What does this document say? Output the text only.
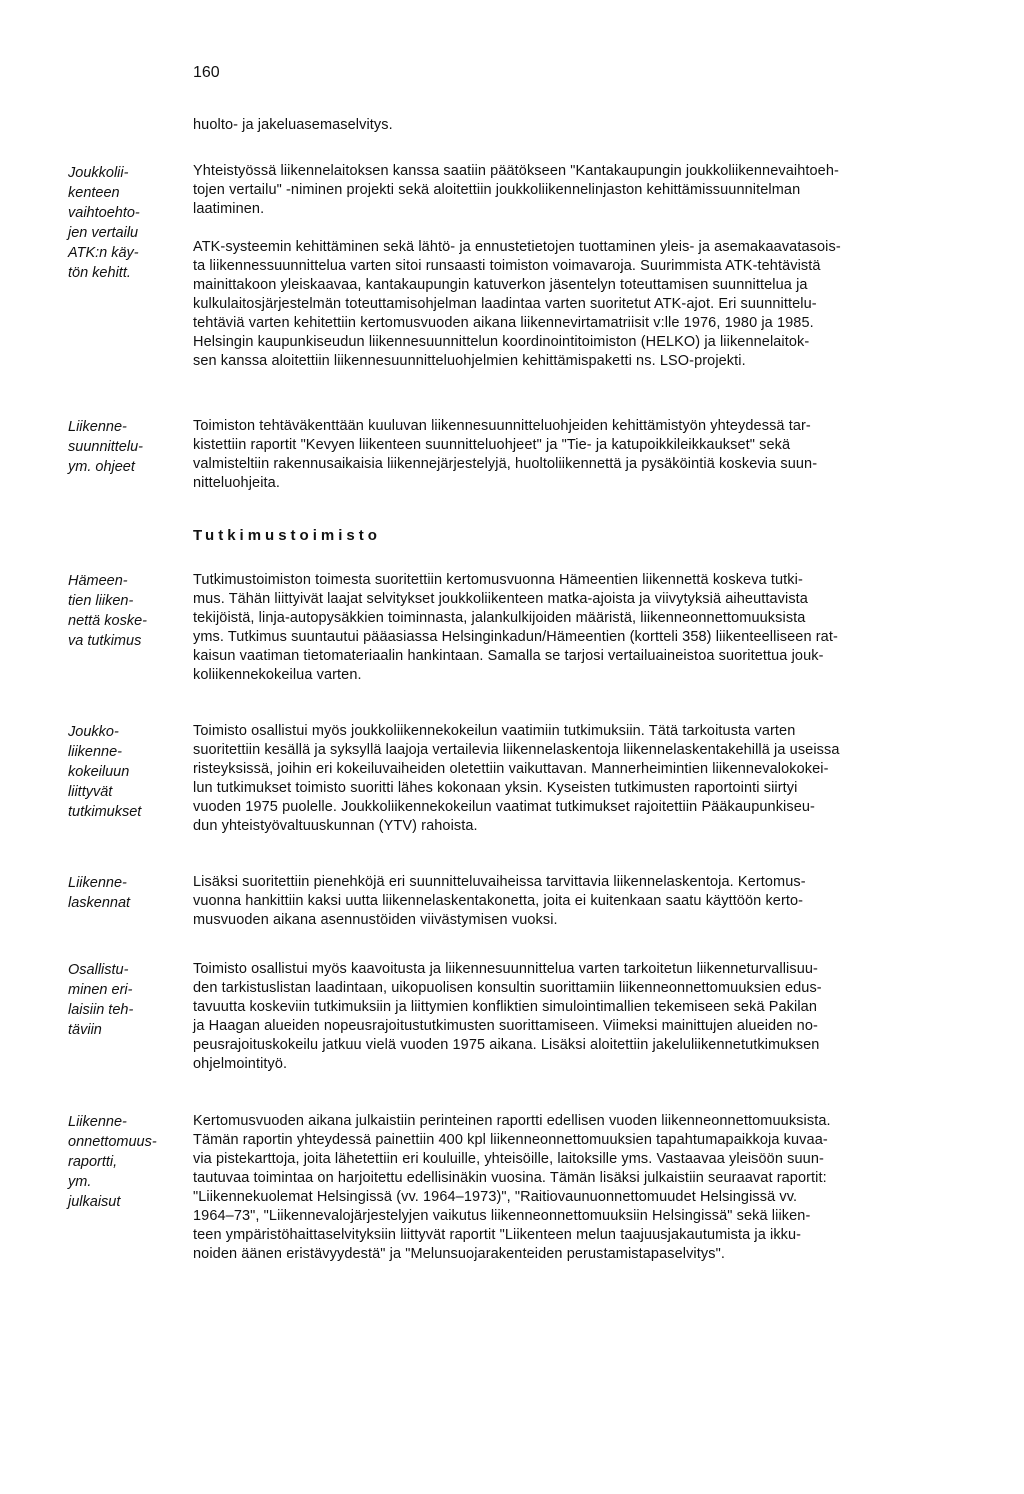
160
huolto- ja jakeluasemaselvitys.
Joukkolii-
kenteen
vaihtoehto-
jen vertailu
ATK:n käy-
tön kehitt.
Yhteistyössä liikennelaitoksen kanssa saatiin päätökseen "Kantakaupungin joukkoliikennevaihtoeh-
tojen vertailu" -niminen projekti sekä aloitettiin joukkoliikennelinjaston kehittämissuunnitelman
laatiminen.
ATK-systeemin kehittäminen sekä lähtö- ja ennustetietojen tuottaminen yleis- ja asemakaavatasois-
ta liikennessuunnittelua varten sitoi runsaasti toimiston voimavaroja. Suurimmista ATK-tehtävistä
mainittakoon yleiskaavaa, kantakaupungin katuverkon jäsentelyn toteuttamisen suunnittelua ja
kulkulaitosjärjestelmän toteuttamisohjelman laadintaa varten suoritetut ATK-ajot. Eri suunnittelu-
tehtäviä varten kehitettiin kertomusvuoden aikana liikennevirtamatriisit v:lle 1976, 1980 ja 1985.
Helsingin kaupunkiseudun liikennesuunnittelun koordinointitoimiston (HELKO) ja liikennelaitok-
sen kanssa aloitettiin liikennesuunnitteluohjelmien kehittämispaketti ns. LSO-projekti.
Liikenne-
suunnittelu-
ym. ohjeet
Toimiston tehtäväkenttään kuuluvan liikennesuunnitteluohjeiden kehittämistyön yhteydessä tar-
kistettiin raportit "Kevyen liikenteen suunnitteluohjeet" ja "Tie- ja katupoikkileikkaukset" sekä
valmisteltiin rakennusaikaisia liikennejärjestelyjä, huoltoliikennettä ja pysäköintiä koskevia suun-
nitteluohjeita.
Tutkimustoimisto
Hämeen-
tien liiken-
nettä koske-
va tutkimus
Tutkimustoimiston toimesta suoritettiin kertomusvuonna Hämeentien liikennettä koskeva tutki-
mus. Tähän liittyivät laajat selvitykset joukkoliikenteen matka-ajoista ja viivytyksiä aiheuttavista
tekijöistä, linja-autopysäkkien toiminnasta, jalankulkijoiden määristä, liikenneonnettomuuksista
yms. Tutkimus suuntautui pääasiassa Helsinginkadun/Hämeentien (kortteli 358) liikenteelliseen rat-
kaisun vaatiman tietomateriaalin hankintaan. Samalla se tarjosi vertailuaineistoa suoritettua jouk-
koliikennekokeilua varten.
Joukko-
liikenne-
kokeiluun
liittyvät
tutkimukset
Toimisto osallistui myös joukkoliikennekokeilun vaatimiin tutkimuksiin. Tätä tarkoitusta varten
suoritettiin kesällä ja syksyllä laajoja vertailevia liikennelaskentoja liikennelaskentakehillä ja useissa
risteyksissä, joihin eri kokeiluvaiheiden oletettiin vaikuttavan. Mannerheimintien liikennevalokokei-
lun tutkimukset toimisto suoritti lähes kokonaan yksin. Kyseisten tutkimusten raportointi siirtyi
vuoden 1975 puolelle. Joukkoliikennekokeilun vaatimat tutkimukset rajoitettiin Pääkaupunkiseu-
dun yhteistyövaltuuskunnan (YTV) rahoista.
Liikenne-
laskennat
Lisäksi suoritettiin pienehköjä eri suunnitteluvaiheissa tarvittavia liikennelaskentoja. Kertomus-
vuonna hankittiin kaksi uutta liikennelaskentakonetta, joita ei kuitenkaan saatu käyttöön kerto-
musvuoden aikana asennustöiden viivästymisen vuoksi.
Osallistu-
minen eri-
laisiin teh-
täviin
Toimisto osallistui myös kaavoitusta ja liikennesuunnittelua varten tarkoitetun liikenneturvallisuu-
den tarkistuslistan laadintaan, uikopuolisen konsultin suorittamiin liikenneonnettomuuksien edus-
tavuutta koskeviin tutkimuksiin ja liittymien konfliktien simulointimallien tekemiseen sekä Pakilan
ja Haagan alueiden nopeusrajoitustutkimusten suorittamiseen. Viimeksi mainittujen alueiden no-
peusrajoituskokeilu jatkuu vielä vuoden 1975 aikana. Lisäksi aloitettiin jakeluliikennetutkimuksen
ohjelmointityö.
Liikenne-
onnettomuus-
raportti,
ym.
julkaisut
Kertomusvuoden aikana julkaistiin perinteinen raportti edellisen vuoden liikenneonnettomuuksista.
Tämän raportin yhteydessä painettiin 400 kpl liikenneonnettomuuksien tapahtumapaikkoja kuvaa-
via pistekarttoja, joita lähetettiin eri kouluille, yhteisöille, laitoksille yms. Vastaavaa yleisöön suun-
tautuvaa toimintaa on harjoitettu edellisinäkin vuosina. Tämän lisäksi julkaistiin seuraavat raportit:
"Liikennekuolemat Helsingissä (vv. 1964–1973)", "Raitiovaunuonnettomuudet Helsingissä vv.
1964–73", "Liikennevalojärjestelyjen vaikutus liikenneonnettomuuksiin Helsingissä" sekä liiken-
teen ympäristöhaittaselvityksiin liittyvät raportit "Liikenteen melun taajuusjakautumista ja ikku-
noiden äänen eristävyydestä" ja "Melunsuojarakenteiden perustamistapaselvitys".
